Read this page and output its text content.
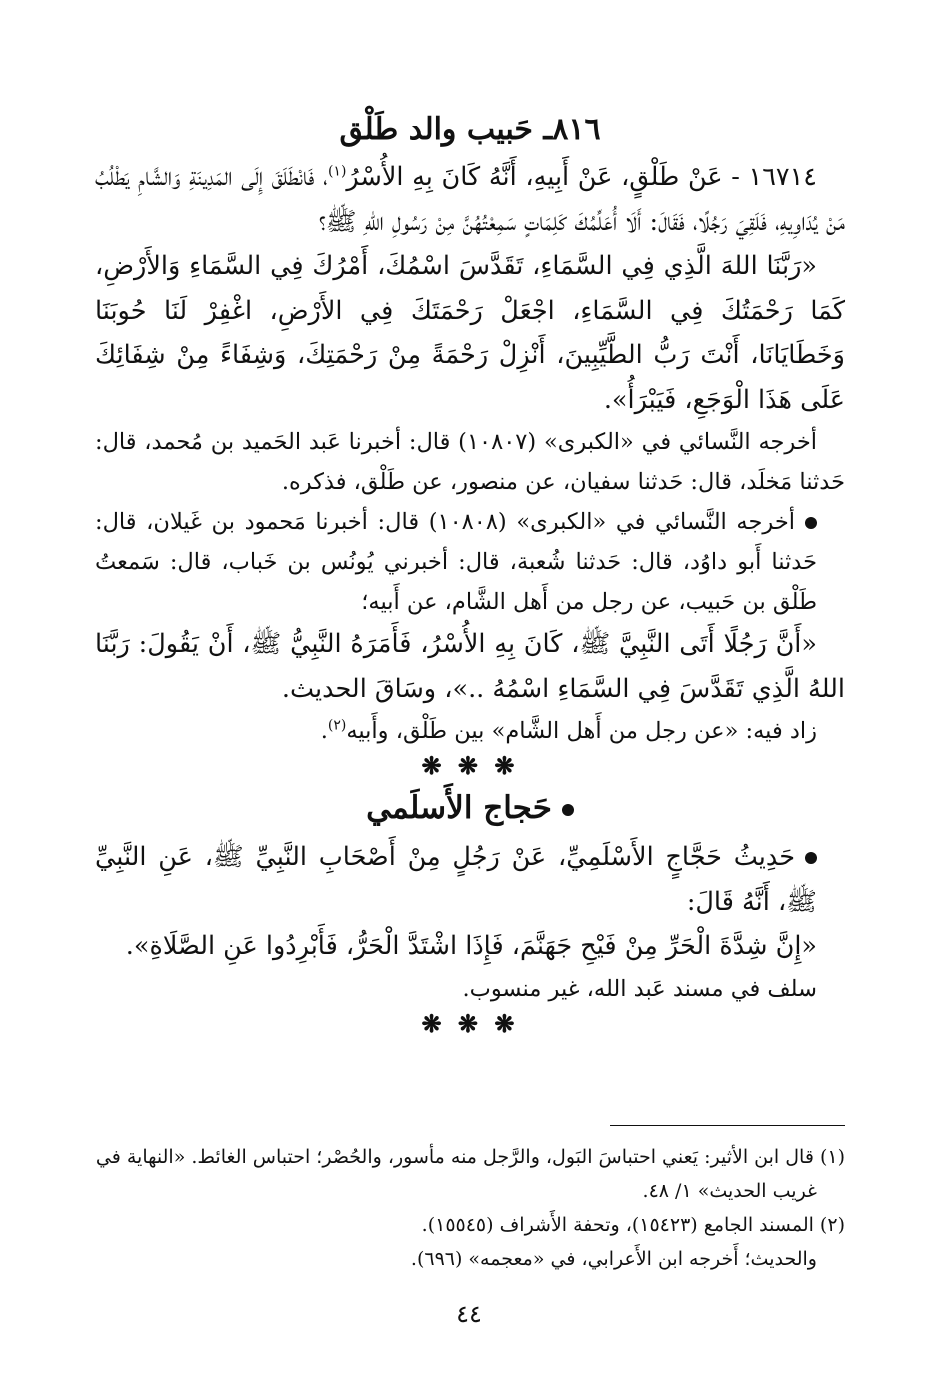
٨١٦ـ حَبيب والد طَلْق

١٦٧١٤ - عَنْ طَلْقٍ، عَنْ أَبِيهِ، أَنَّهُ كَانَ بِهِ الأُسْرُ$^{(١)}$، فَانْطَلَقَ إِلَى المَدِينَةِ وَالشَّامِ يَطْلُبُ مَنْ يُدَاوِيهِ، فَلَقِيَ رَجُلًا، فَقَالَ: أَلَا أُعَلِّمُكَ كَلِمَاتٍ سَمِعْتُهُنَّ مِنْ رَسُولِ اللهِ ﷺ؟

«رَبَّنَا اللهَ الَّذِي فِي السَّمَاءِ، تَقَدَّسَ اسْمُكَ، أَمْرُكَ فِي السَّمَاءِ وَالأَرْضِ، كَمَا رَحْمَتُكَ فِي السَّمَاءِ، اجْعَلْ رَحْمَتَكَ فِي الأَرْضِ، اغْفِرْ لَنَا حُوبَنَا وَخَطَايَانَا، أَنْتَ رَبُّ الطَّيِّبِينَ، أَنْزِلْ رَحْمَةً مِنْ رَحْمَتِكَ، وَشِفَاءً مِنْ شِفَائِكَ عَلَى هَذَا الْوَجَعِ، فَيَبْرَأُ».

أخرجه النَّسائي في «الكبرى» (١٠٨٠٧) قال: أخبرنا عَبد الحَميد بن مُحمد، قال: حَدثنا مَخلَد، قال: حَدثنا سفيان، عن منصور، عن طَلْق، فذكره.

أخرجه النَّسائي في «الكبرى» (١٠٨٠٨) قال: أخبرنا مَحمود بن غَيلان، قال: حَدثنا أَبو داوُد، قال: حَدثنا شُعبة، قال: أخبرني يُونُس بن خَباب، قال: سَمعتُ طَلْق بن حَبيب، عن رجل من أَهل الشَّام، عن أَبيه؛

«أَنَّ رَجُلًا أَتَى النَّبِيَّ ﷺ، كَانَ بِهِ الأُسْرُ، فَأَمَرَهُ النَّبِيُّ ﷺ، أَنْ يَقُولَ: رَبَّنَا اللهُ الَّذِي تَقَدَّسَ فِي السَّمَاءِ اسْمُهُ ..»، وسَاقَ الحديث.

زاد فيه: «عن رجل من أَهل الشَّام» بين طَلْق، وأَبيه$^{(٢)}$.

❋ ❋ ❋

حَجاج الأَسلَمي

حَدِيثُ حَجَّاجٍ الأَسْلَمِيِّ، عَنْ رَجُلٍ مِنْ أَصْحَابِ النَّبِيِّ ﷺ، عَنِ النَّبِيِّ ﷺ، أَنَّهُ قَالَ:

«إِنَّ شِدَّةَ الْحَرِّ مِنْ فَيْحِ جَهَنَّمَ، فَإِذَا اشْتَدَّ الْحَرُّ، فَأَبْرِدُوا عَنِ الصَّلَاةِ».

سلف في مسند عَبد الله، غير منسوب.

❋ ❋ ❋

(١) قال ابن الأثير: يَعني احتباسَ البَول، والرَّجل منه مأسور، والحُصْر؛ احتباس الغائط. «النهاية في

غريب الحديث» ١/ ٤٨.

(٢) المسند الجامع (١٥٤٢٣)، وتحفة الأَشراف (١٥٥٤٥).

والحديث؛ أَخرجه ابن الأَعرابي، في «معجمه» (٦٩٦).

٤٤
